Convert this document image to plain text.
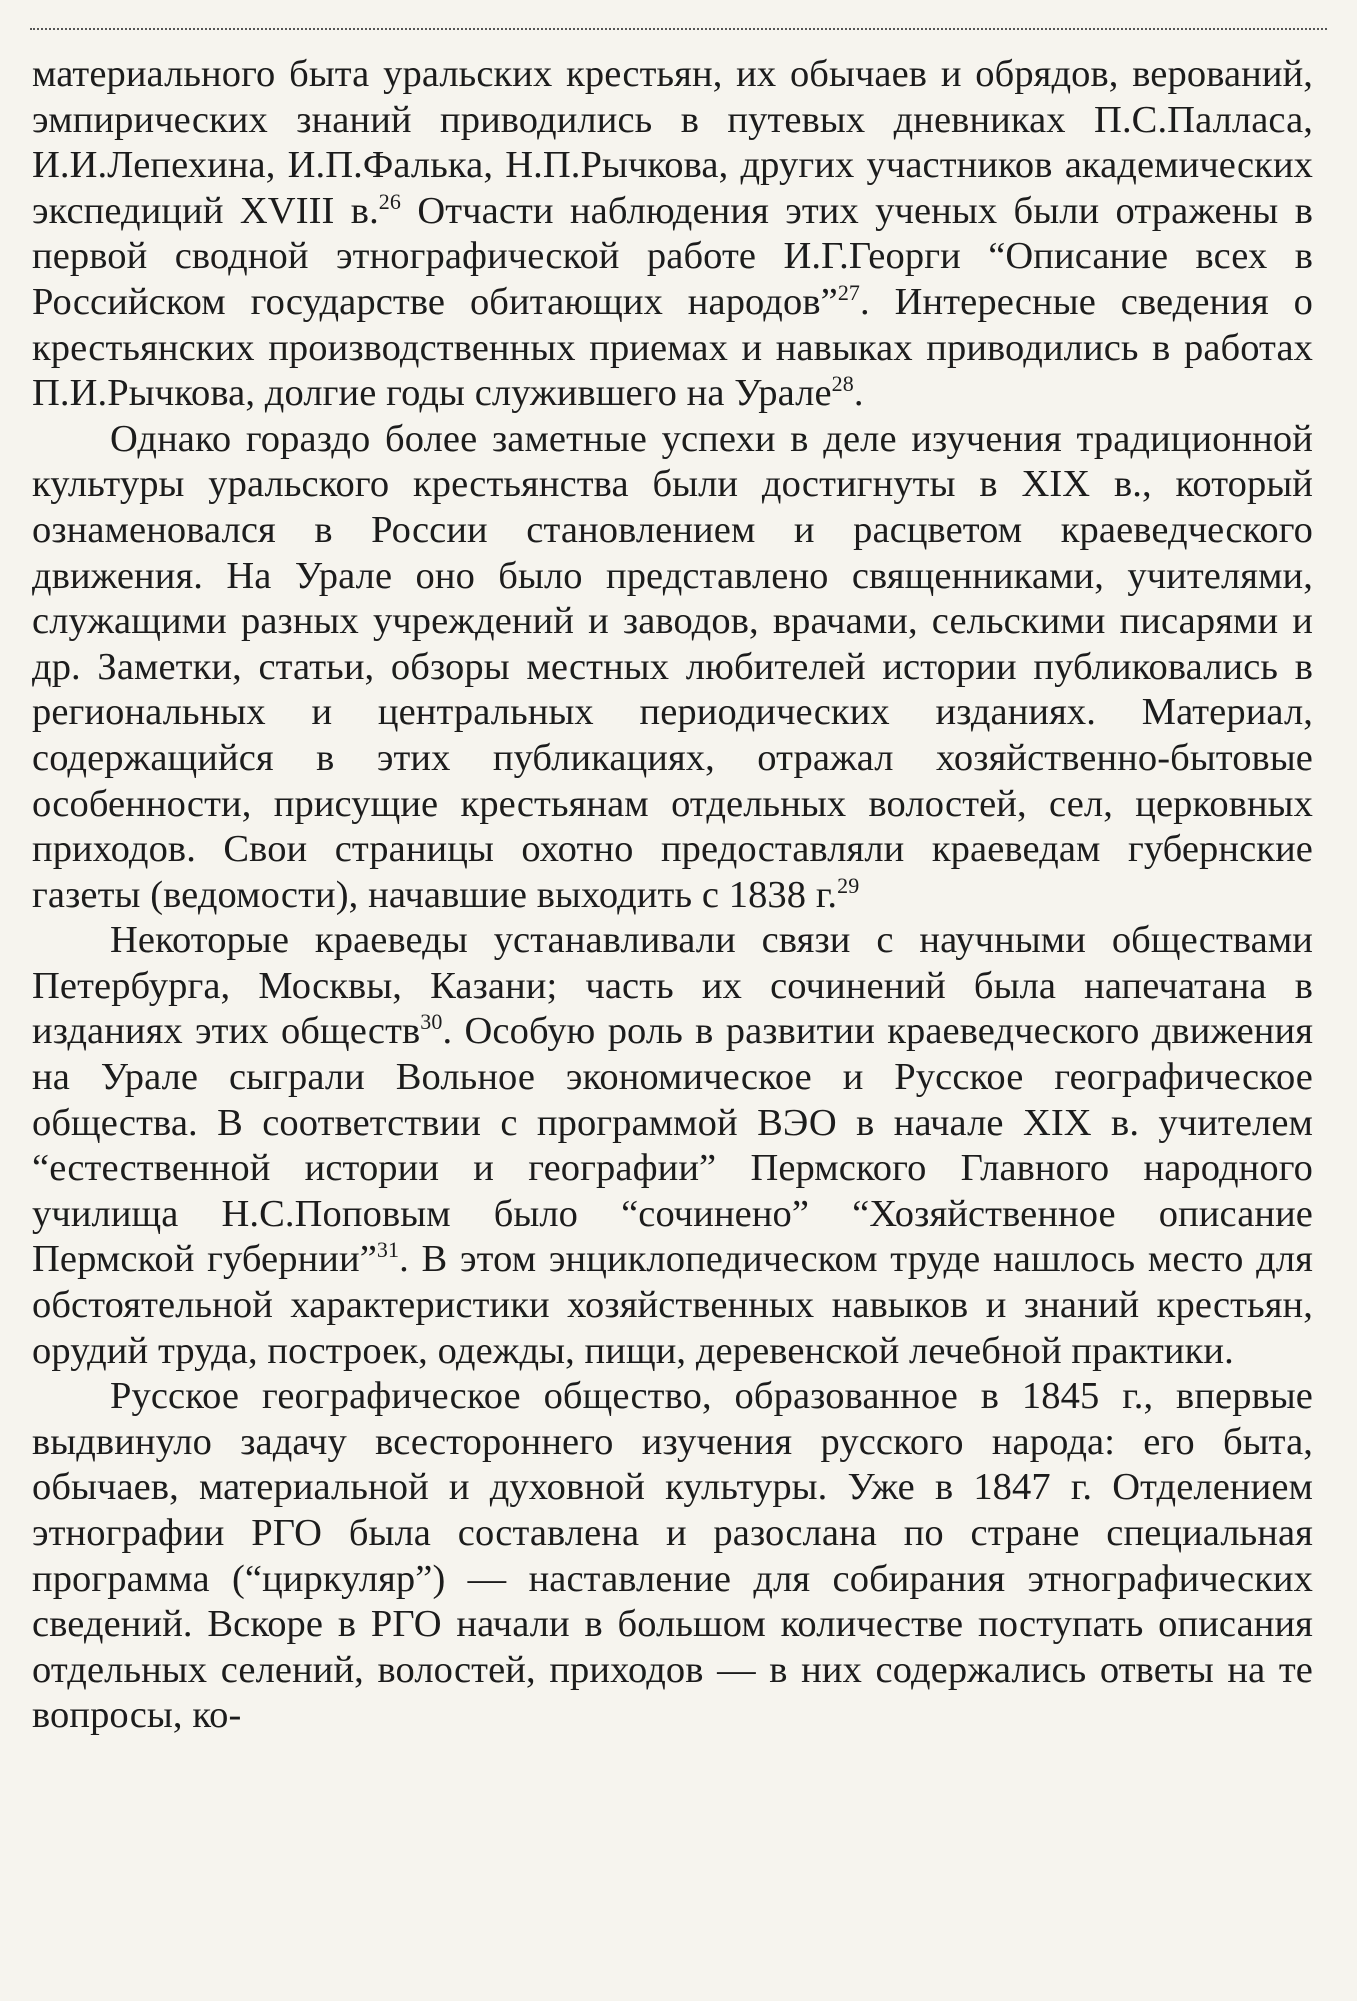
материального быта уральских крестьян, их обычаев и обрядов, верований, эмпирических знаний приводились в путевых дневниках П.С.Палласа, И.И.Лепехина, И.П.Фалька, Н.П.Рычкова, других участников академических экспедиций XVIII в.$^{26}$ Отчасти наблюдения этих ученых были отражены в первой сводной этнографической работе И.Г.Георги “Описание всех в Российском государстве обитающих народов”$^{27}$. Интересные сведения о крестьянских производственных приемах и навыках приводились в работах П.И.Рычкова, долгие годы служившего на Урале$^{28}$.

Однако гораздо более заметные успехи в деле изучения традиционной культуры уральского крестьянства были достигнуты в XIX в., который ознаменовался в России становлением и расцветом краеведческого движения. На Урале оно было представлено священниками, учителями, служащими разных учреждений и заводов, врачами, сельскими писарями и др. Заметки, статьи, обзоры местных любителей истории публиковались в региональных и центральных периодических изданиях. Материал, содержащийся в этих публикациях, отражал хозяйственно-бытовые особенности, присущие крестьянам отдельных волостей, сел, церковных приходов. Свои страницы охотно предоставляли краеведам губернские газеты (ведомости), начавшие выходить с 1838 г.$^{29}$

Некоторые краеведы устанавливали связи с научными обществами Петербурга, Москвы, Казани; часть их сочинений была напечатана в изданиях этих обществ$^{30}$. Особую роль в развитии краеведческого движения на Урале сыграли Вольное экономическое и Русское географическое общества. В соответствии с программой ВЭО в начале XIX в. учителем “естественной истории и географии” Пермского Главного народного училища Н.С.Поповым было “сочинено” “Хозяйственное описание Пермской губернии”$^{31}$. В этом энциклопедическом труде нашлось место для обстоятельной характеристики хозяйственных навыков и знаний крестьян, орудий труда, построек, одежды, пищи, деревенской лечебной практики.

Русское географическое общество, образованное в 1845 г., впервые выдвинуло задачу всестороннего изучения русского народа: его быта, обычаев, материальной и духовной культуры. Уже в 1847 г. Отделением этнографии РГО была составлена и разослана по стране специальная программа (“циркуляр”) — наставление для собирания этнографических сведений. Вскоре в РГО начали в большом количестве поступать описания отдельных селений, волостей, приходов — в них содержались ответы на те вопросы, ко-
